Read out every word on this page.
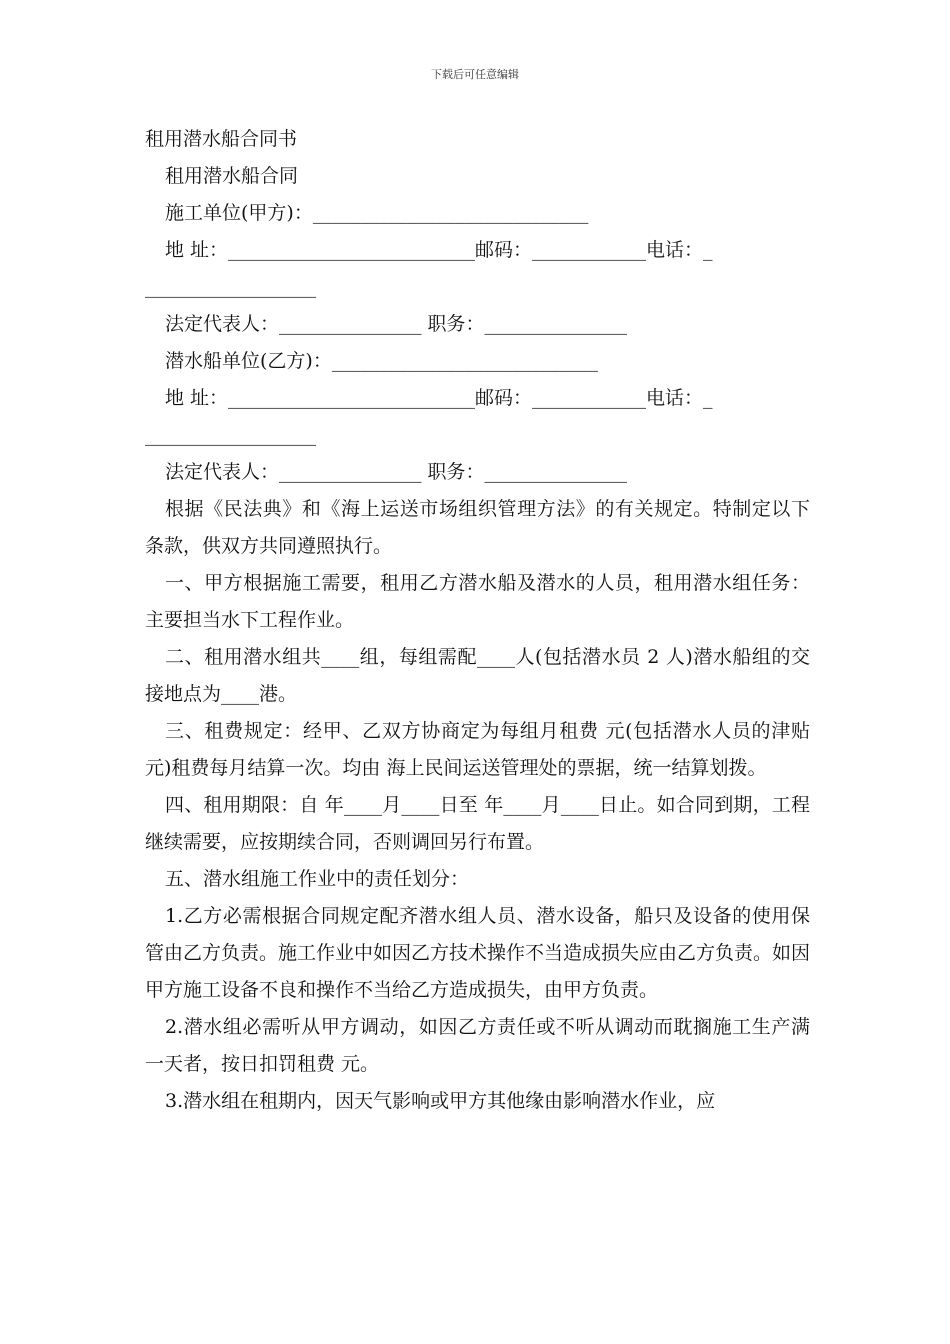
下载后可任意编辑
租用潜水船合同书
租用潜水船合同
施工单位(甲方)：_____________________________
地 址：__________________________邮码：____________电话：_
__________________
法定代表人：_______________ 职务：_______________
潜水船单位(乙方)：____________________________
地 址：__________________________邮码：____________电话：_
__________________
法定代表人：_______________ 职务：_______________
根据《民法典》和《海上运送市场组织管理方法》的有关规定。特制定以下条款，供双方共同遵照执行。
一、甲方根据施工需要，租用乙方潜水船及潜水的人员，租用潜水组任务：主要担当水下工程作业。
二、租用潜水组共____组，每组需配____人(包括潜水员 2 人)潜水船组的交接地点为____港。
三、租费规定：经甲、乙双方协商定为每组月租费 元(包括潜水人员的津贴 元)租费每月结算一次。均由 海上民间运送管理处的票据，统一结算划拨。
四、租用期限：自 年____月____日至 年____月____日止。如合同到期，工程继续需要，应按期续合同，否则调回另行布置。
五、潜水组施工作业中的责任划分：
1.乙方必需根据合同规定配齐潜水组人员、潜水设备，船只及设备的使用保管由乙方负责。施工作业中如因乙方技术操作不当造成损失应由乙方负责。如因甲方施工设备不良和操作不当给乙方造成损失，由甲方负责。
2.潜水组必需听从甲方调动，如因乙方责任或不听从调动而耽搁施工生产满一天者，按日扣罚租费 元。
3.潜水组在租期内，因天气影响或甲方其他缘由影响潜水作业，应
